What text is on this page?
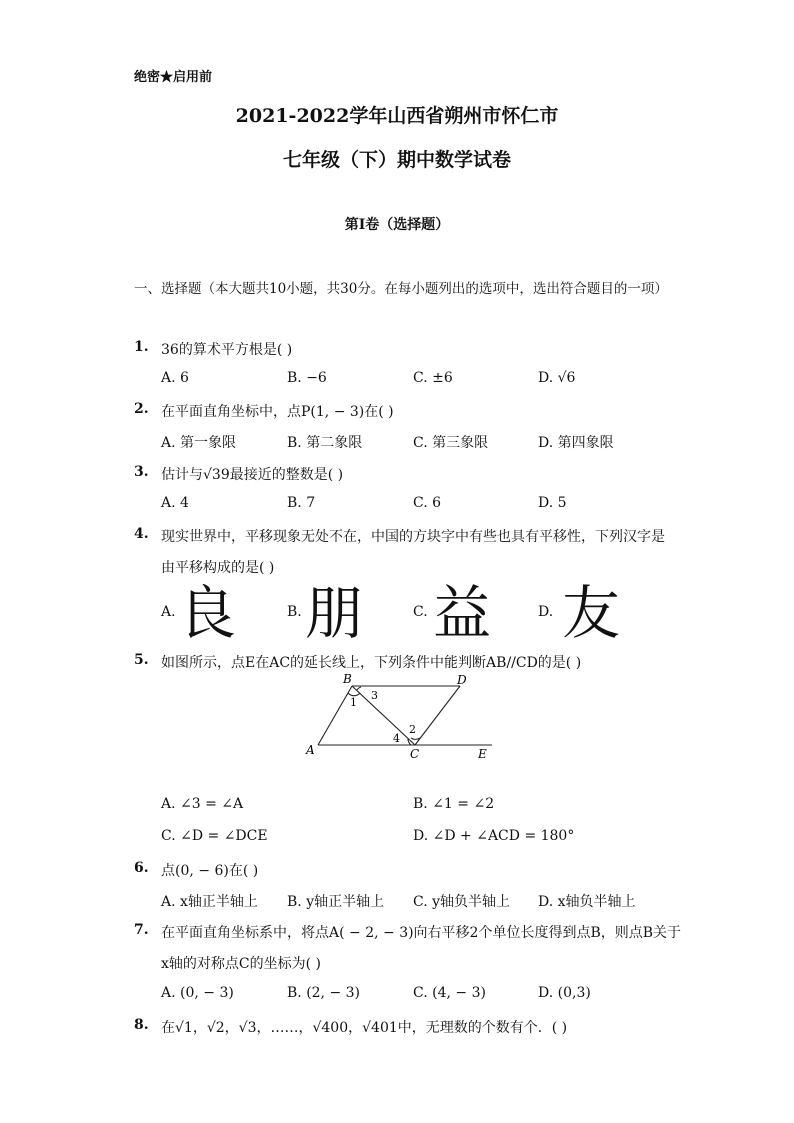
绝密★启用前
2021-2022学年山西省朔州市怀仁市
七年级（下）期中数学试卷
第I卷（选择题）
一、选择题（本大题共10小题，共30分。在每小题列出的选项中，选出符合题目的一项）
1. 36的算术平方根是( )
A. 6	B. −6	C. ±6	D. √6
2. 在平面直角坐标中，点P(1, − 3)在( )
A. 第一象限	B. 第二象限	C. 第三象限	D. 第四象限
3. 估计与√39最接近的整数是( )
A. 4	B. 7	C. 6	D. 5
4. 现实世界中，平移现象无处不在，中国的方块字中有些也具有平移性，下列汉字是
由平移构成的是( )
A. 良	B. 朋	C. 益	D. 友
5. 如图所示，点E在AC的延长线上，下列条件中能判断AB//CD的是( )
B	D
A	C	E
1
3
2
4
A. ∠3 = ∠A	B. ∠1 = ∠2
C. ∠D = ∠DCE	D. ∠D + ∠ACD = 180°
6. 点(0, − 6)在( )
A. x轴正半轴上 B. y轴正半轴上 C. y轴负半轴上 D. x轴负半轴上
7. 在平面直角坐标系中，将点A( − 2, − 3)向右平移2个单位长度得到点B，则点B关于
x轴的对称点C的坐标为( )
A. (0, − 3)	B. (2, − 3)	C. (4, − 3)	D. (0,3)
8. 在√1，√2，√3，……，√400，√401中，无理数的个数有个．( )
